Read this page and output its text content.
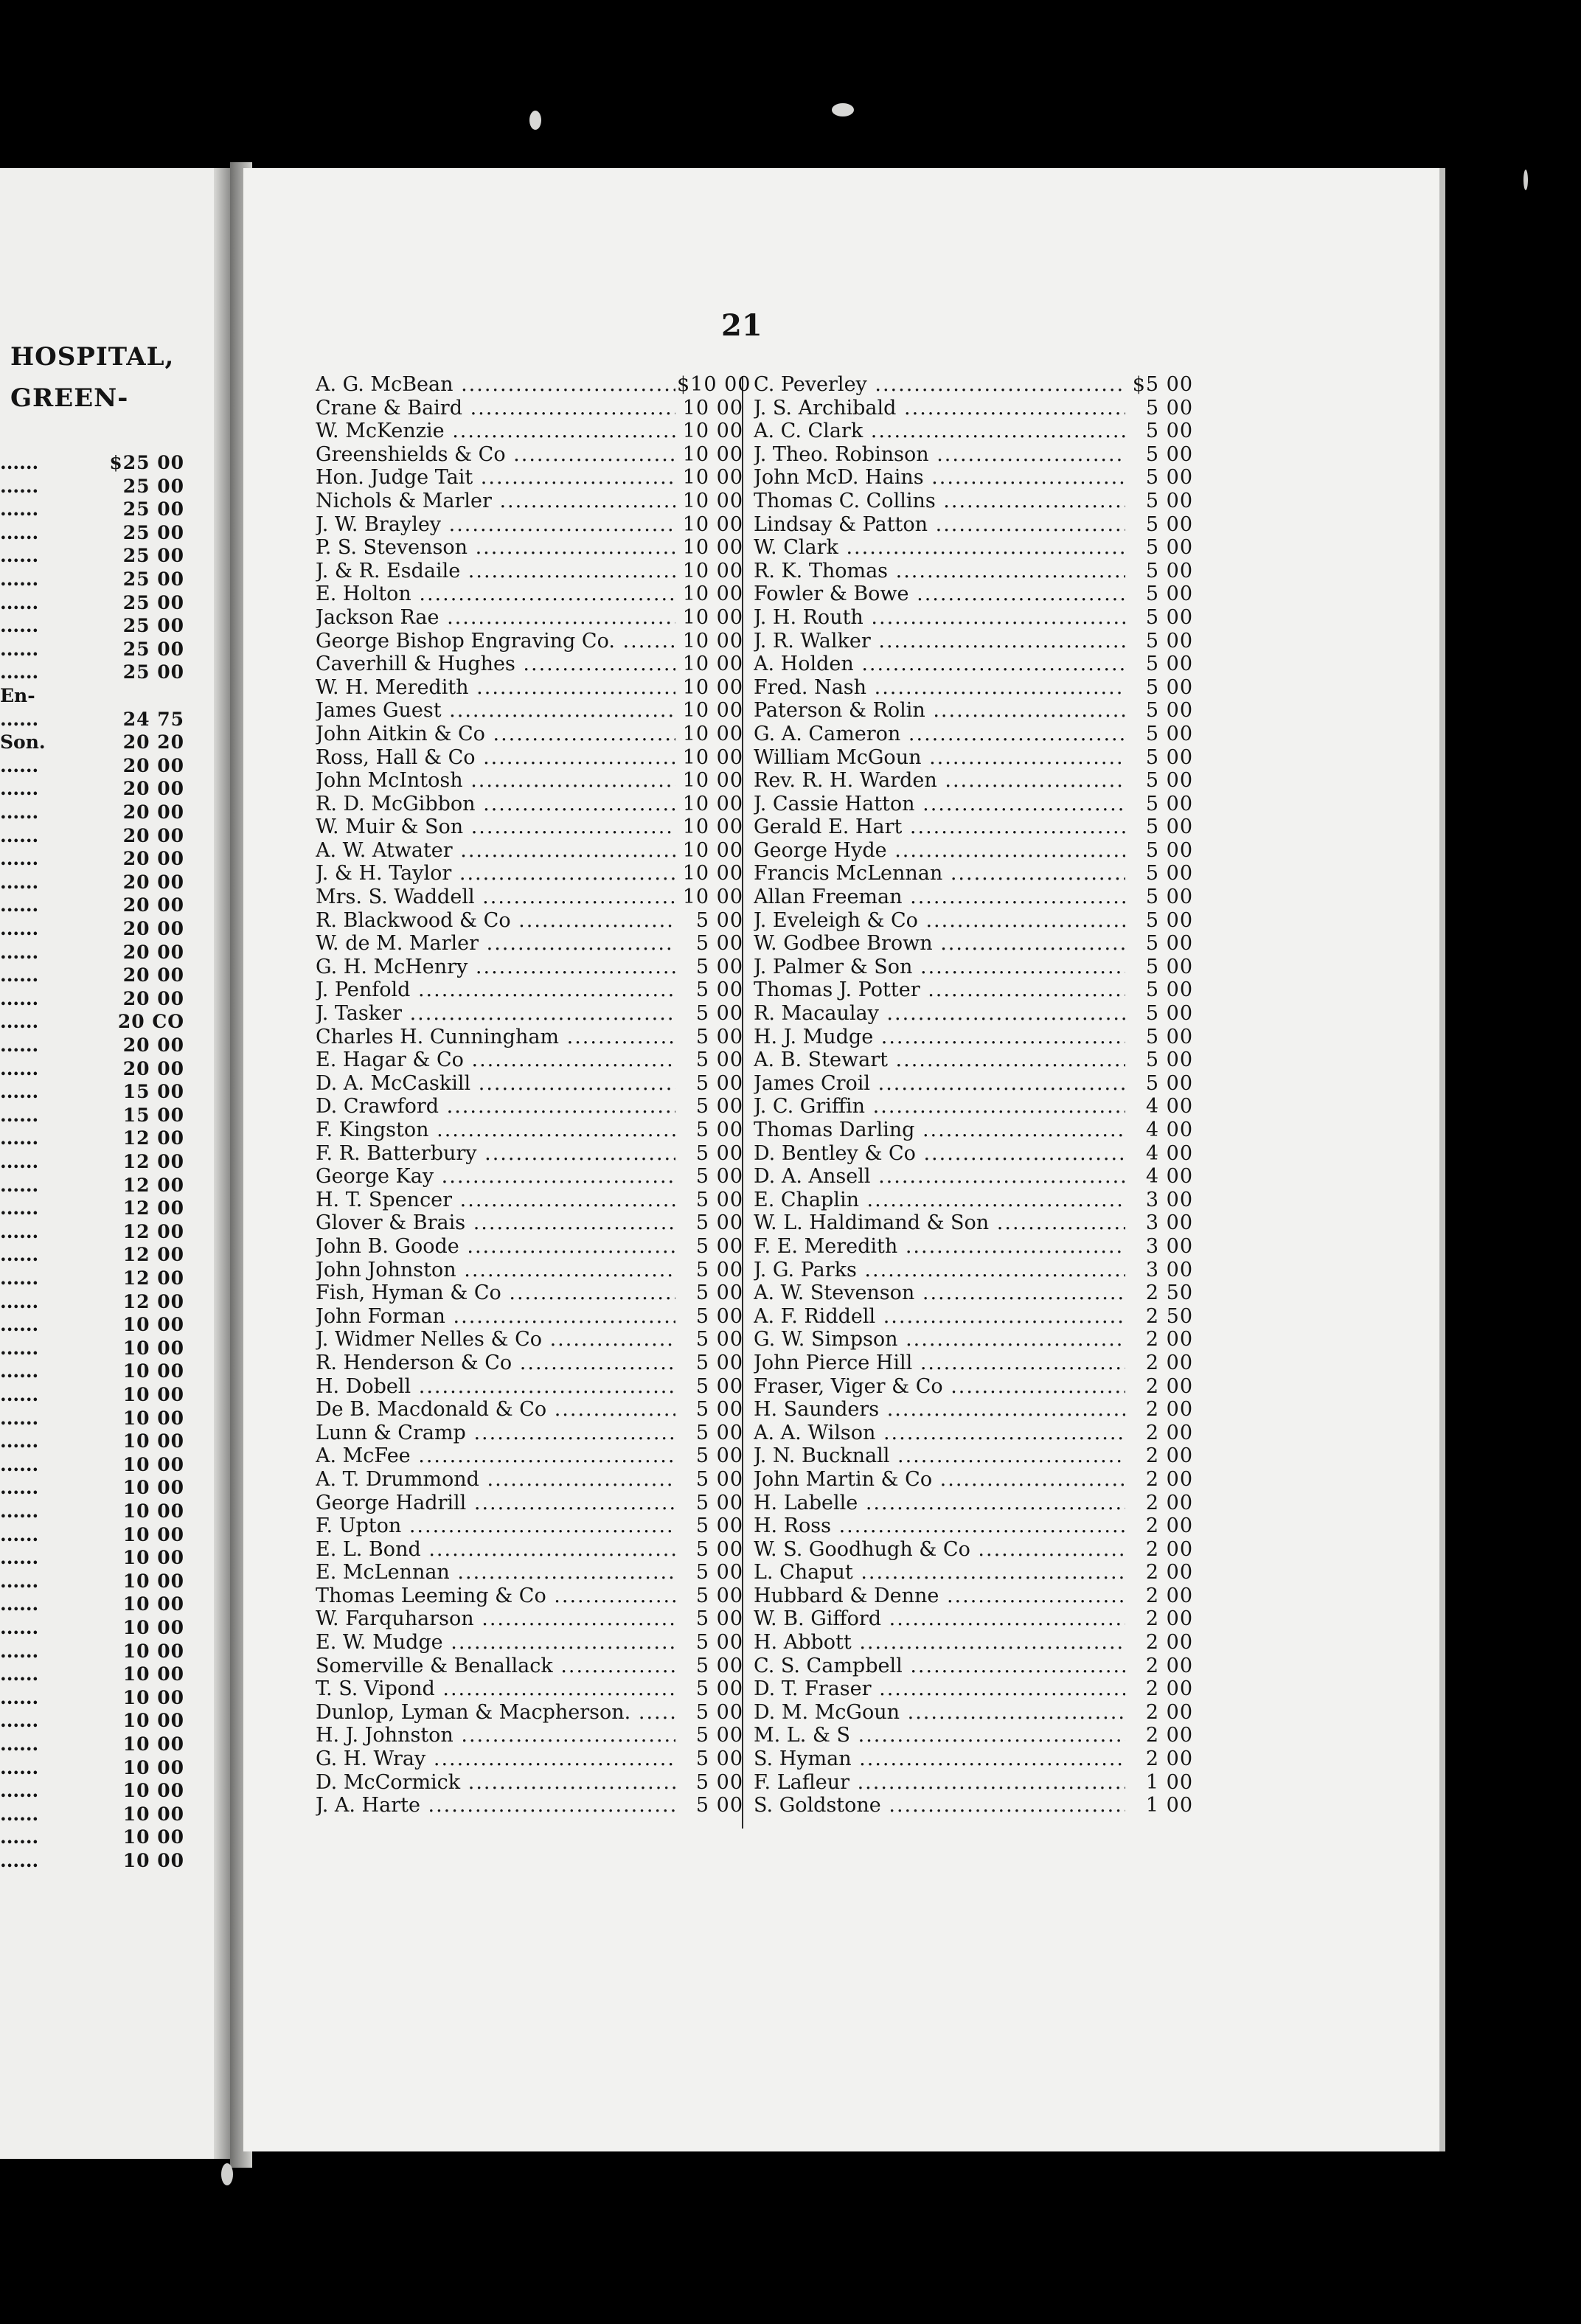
HOSPITAL,
GREEN-
......	$25 00
......	25 00
......	25 00
......	25 00
......	25 00
......	25 00
......	25 00
......	25 00
......	25 00
......	25 00
En-
......	24 75
Son.	20 20
......	20 00
......	20 00
......	20 00
......	20 00
......	20 00
......	20 00
......	20 00
......	20 00
......	20 00
......	20 00
......	20 00
......	20 CO
......	20 00
......	20 00
......	15 00
......	15 00
......	12 00
......	12 00
......	12 00
......	12 00
......	12 00
......	12 00
......	12 00
......	12 00
......	10 00
......	10 00
......	10 00
......	10 00
......	10 00
......	10 00
......	10 00
......	10 00
......	10 00
......	10 00
......	10 00
......	10 00
......	10 00
......	10 00
......	10 00
......	10 00
......	10 00
......	10 00
......	10 00
......	10 00
......	10 00
......	10 00
......	10 00
......	10 00
21
A. G. McBean .....	$10 00
Crane & Baird .....	10 00
W. McKenzie .....	10 00
Greenshields & Co .....	10 00
Hon. Judge Tait .....	10 00
Nichols & Marler .....	10 00
J. W. Brayley .....	10 00
P. S. Stevenson .....	10 00
J. & R. Esdaile .....	10 00
E. Holton .....	10 00
Jackson Rae .....	10 00
George Bishop Engraving Co. .....	10 00
Caverhill & Hughes .....	10 00
W. H. Meredith .....	10 00
James Guest .....	10 00
John Aitkin & Co .....	10 00
Ross, Hall & Co .....	10 00
John McIntosh .....	10 00
R. D. McGibbon .....	10 00
W. Muir & Son .....	10 00
A. W. Atwater .....	10 00
J. & H. Taylor .....	10 00
Mrs. S. Waddell .....	10 00
R. Blackwood & Co .....	5 00
W. de M. Marler .....	5 00
G. H. McHenry .....	5 00
J. Penfold .....	5 00
J. Tasker .....	5 00
Charles H. Cunningham .....	5 00
E. Hagar & Co .....	5 00
D. A. McCaskill .....	5 00
D. Crawford .....	5 00
F. Kingston .....	5 00
F. R. Batterbury .....	5 00
George Kay .....	5 00
H. T. Spencer .....	5 00
Glover & Brais .....	5 00
John B. Goode .....	5 00
John Johnston .....	5 00
Fish, Hyman & Co .....	5 00
John Forman .....	5 00
J. Widmer Nelles & Co .....	5 00
R. Henderson & Co .....	5 00
H. Dobell .....	5 00
De B. Macdonald & Co .....	5 00
Lunn & Cramp .....	5 00
A. McFee .....	5 00
A. T. Drummond .....	5 00
George Hadrill .....	5 00
F. Upton .....	5 00
E. L. Bond .....	5 00
E. McLennan .....	5 00
Thomas Leeming & Co .....	5 00
W. Farquharson .....	5 00
E. W. Mudge .....	5 00
Somerville & Benallack .....	5 00
T. S. Vipond .....	5 00
Dunlop, Lyman & Macpherson. .....	5 00
H. J. Johnston .....	5 00
G. H. Wray .....	5 00
D. McCormick .....	5 00
J. A. Harte .....	5 00
C. Peverley .....	$5 00
J. S. Archibald .....	5 00
A. C. Clark .....	5 00
J. Theo. Robinson .....	5 00
John McD. Hains .....	5 00
Thomas C. Collins .....	5 00
Lindsay & Patton .....	5 00
W. Clark .....	5 00
R. K. Thomas .....	5 00
Fowler & Bowe .....	5 00
J. H. Routh .....	5 00
J. R. Walker .....	5 00
A. Holden .....	5 00
Fred. Nash .....	5 00
Paterson & Rolin .....	5 00
G. A. Cameron .....	5 00
William McGoun .....	5 00
Rev. R. H. Warden .....	5 00
J. Cassie Hatton .....	5 00
Gerald E. Hart .....	5 00
George Hyde .....	5 00
Francis McLennan .....	5 00
Allan Freeman .....	5 00
J. Eveleigh & Co .....	5 00
W. Godbee Brown .....	5 00
J. Palmer & Son .....	5 00
Thomas J. Potter .....	5 00
R. Macaulay .....	5 00
H. J. Mudge .....	5 00
A. B. Stewart .....	5 00
James Croil .....	5 00
J. C. Griffin .....	4 00
Thomas Darling .....	4 00
D. Bentley & Co .....	4 00
D. A. Ansell .....	4 00
E. Chaplin .....	3 00
W. L. Haldimand & Son .....	3 00
F. E. Meredith .....	3 00
J. G. Parks .....	3 00
A. W. Stevenson .....	2 50
A. F. Riddell .....	2 50
G. W. Simpson .....	2 00
John Pierce Hill .....	2 00
Fraser, Viger & Co .....	2 00
H. Saunders .....	2 00
A. A. Wilson .....	2 00
J. N. Bucknall .....	2 00
John Martin & Co .....	2 00
H. Labelle .....	2 00
H. Ross .....	2 00
W. S. Goodhugh & Co .....	2 00
L. Chaput .....	2 00
Hubbard & Denne .....	2 00
W. B. Gifford .....	2 00
H. Abbott .....	2 00
C. S. Campbell .....	2 00
D. T. Fraser .....	2 00
D. M. McGoun .....	2 00
M. L. & S .....	2 00
S. Hyman .....	2 00
F. Lafleur .....	1 00
S. Goldstone .....	1 00
